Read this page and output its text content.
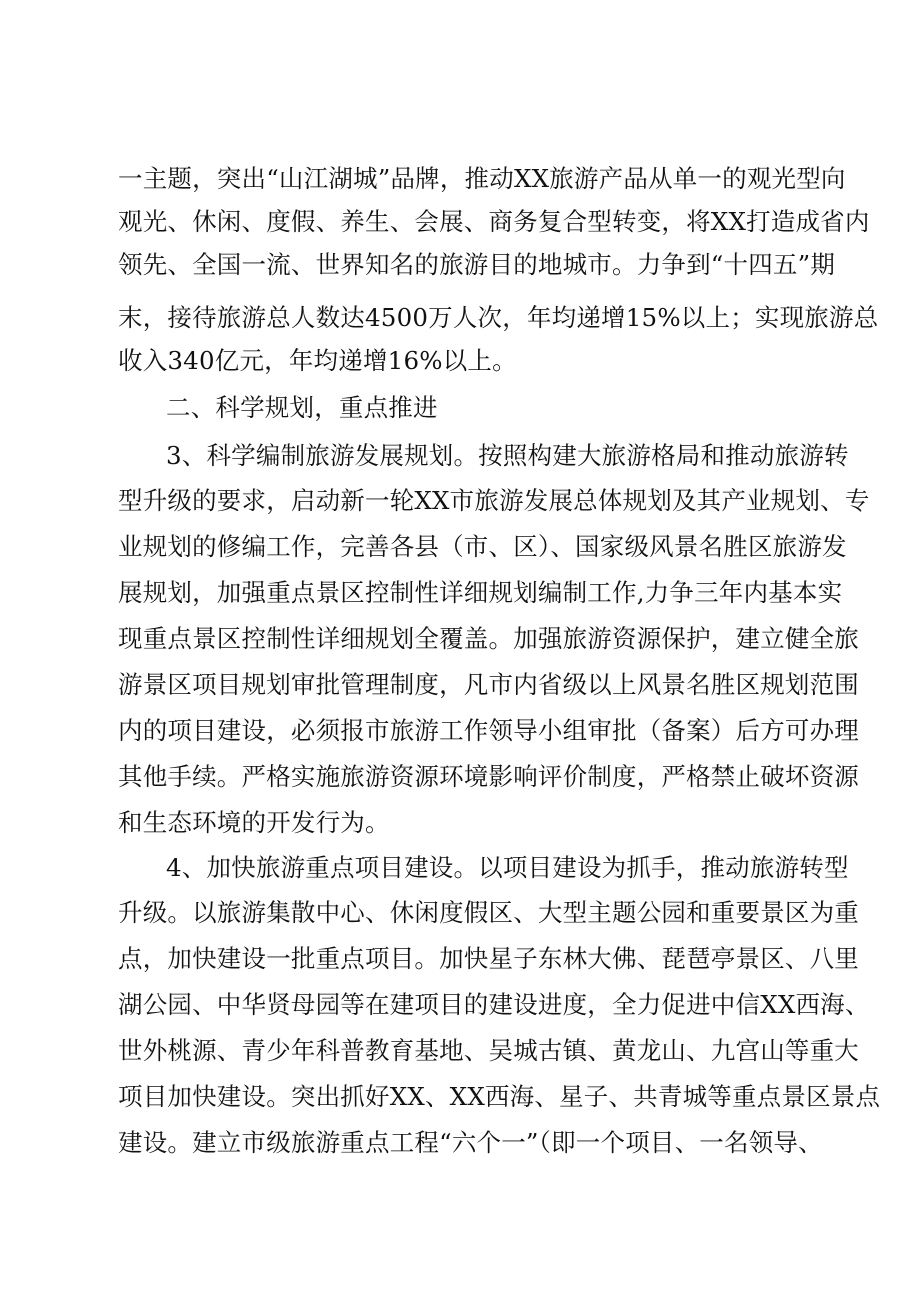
一主题，突出“山江湖城”品牌，推动XX旅游产品从单一的观光型向
观光、休闲、度假、养生、会展、商务复合型转变，将XX打造成省内
领先、全国一流、世界知名的旅游目的地城市。力争到“十四五”期
末，接待旅游总人数达4500万人次，年均递增15%以上；实现旅游总
收入340亿元，年均递增16%以上。
二、科学规划，重点推进
3、科学编制旅游发展规划。按照构建大旅游格局和推动旅游转
型升级的要求，启动新一轮XX市旅游发展总体规划及其产业规划、专
业规划的修编工作，完善各县（市、区）、国家级风景名胜区旅游发
展规划，加强重点景区控制性详细规划编制工作,力争三年内基本实
现重点景区控制性详细规划全覆盖。加强旅游资源保护，建立健全旅
游景区项目规划审批管理制度，凡市内省级以上风景名胜区规划范围
内的项目建设，必须报市旅游工作领导小组审批（备案）后方可办理
其他手续。严格实施旅游资源环境影响评价制度，严格禁止破坏资源
和生态环境的开发行为。
4、加快旅游重点项目建设。以项目建设为抓手，推动旅游转型
升级。以旅游集散中心、休闲度假区、大型主题公园和重要景区为重
点，加快建设一批重点项目。加快星子东林大佛、琵琶亭景区、八里
湖公园、中华贤母园等在建项目的建设进度，全力促进中信XX西海、
世外桃源、青少年科普教育基地、吴城古镇、黄龙山、九宫山等重大
项目加快建设。突出抓好XX、XX西海、星子、共青城等重点景区景点
建设。建立市级旅游重点工程“六个一”（即一个项目、一名领导、
